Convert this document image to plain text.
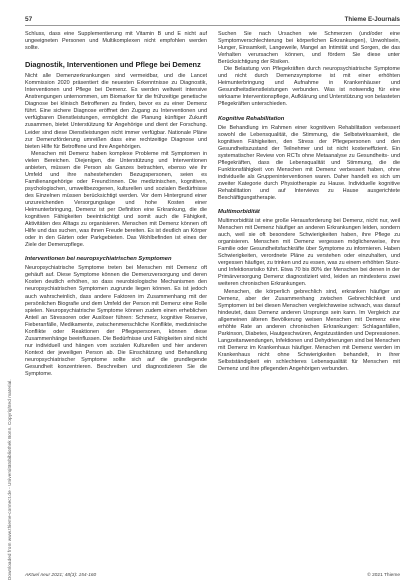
Downloaded from www.thieme-connect.de - Universitätsbibliothek Bonn. Copyrighted material.
57	Thieme E-Journals

Schluss, dass eine Supplementierung mit Vitamin B und E nicht auf ungeeigneten Personen und Multikomplexen nicht empfohlen werden sollte.

Diagnostik, Interventionen und Pflege bei Demenz

Nicht alle Demenzerkrankungen sind vermeidbar, und die Lancet Kommission 2020 präsentiert die neuesten Erkenntnisse zu Diagnostik, Interventionen und Pflege bei Demenz. Es werden weltweit intensive Anstrengungen unternommen, um Biomarker für die frühzeitige genetische Diagnose bei klinisch Betroffenen zu finden, bevor es zu einer Demenz führt. Eine sichere Diagnose eröffnet den Zugang zu Interventionen und verfügbaren Dienstleistungen, ermöglicht die Planung künftiger Zukunft zusammen, bietet Unterstützung für Angehörige und dient der Forschung. Leider sind diese Dienstleistungen nicht immer verfügbar. Nationale Pläne zur Demenzförderung umreißen dass eine rechtzeitige Diagnose und bieten Hilfe für Betroffene und ihre Angehörigen.

Menschen mit Demenz haben komplexe Probleme mit Symptomen in vielen Bereichen. Diejenigen, die Unterstützung und Interventionen anbieten, müssen die Person als Ganzes betrachten, ebenso wie ihr Umfeld und ihre nahestehenden Bezugspersonen, seien es Familienangehörige oder Freund:innen. Die medizinischen, kognitiven, psychologischen, umweltbezogenen, kulturellen und sozialen Bedürfnisse des Einzelnen müssen berücksichtigt werden. Vor dem Hintergrund einer unzureichenden Versorgungslage und hohe Kosten einer Heimunterbringung, Demenz ist per Definition eine Erkrankung, die die kognitiven Fähigkeiten beeinträchtigt und somit auch die Fähigkeit, Aktivitäten des Alltags zu organisieren. Menschen mit Demenz können oft Hilfe und das suchen, was ihnen Freude bereiten. Es ist deutlich an Körper oder in den Gärten oder Parkgebieten. Das Wohlbefinden ist eines der Ziele der Demenzpflege.

Interventionen bei neuropsychiatrischen Symptomen

Neuropsychiatrische Symptome treten bei Menschen mit Demenz oft gehäuft auf. Diese Symptome können die Demenzversorgung und deren Kosten deutlich erhöhen, so dass neurobiologische Mechanismen den neuropsychiatrischen Symptomen zugrunde liegen können. Es ist jedoch auch wahrscheinlich, dass andere Faktoren im Zusammenhang mit der persönlichen Biografie und dem Umfeld der Person mit Demenz eine Rolle spielen. Neuropsychiatrische Symptome können zudem einen erheblichen Anteil an Stressoren oder Auslöser führen: Schmerz, kognitive Reserve, Fieberanfälle, Medikamente, zwischenmenschliche Konflikte, medizinische Konflikte oder Reaktionen der Pflegepersonen, können diese Zusammenhänge beeinflussen. Die Bedürfnisse und Fähigkeiten sind nicht nur individuell und hängen vom sozialen Kulturellen und hier anderen Kontext der jeweiligen Person ab. Die Einschätzung und Behandlung neuropsychiatrischer Symptome sollte sich auf die grundlegende Gesundheit konzentrieren. Beschreiben und diagnostizieren Sie die Symptome.

Suchen Sie nach Ursachen wie Schmerzen (und/oder eine Symptomverschlechterung bei körperlichen Erkrankungen), Unwohlsein, Hunger, Einsamkeit, Langeweile, Mangel an Intimität und Sorgen, die das Verhalten verursachen können, und fördern Sie diese unter Berücksichtigung der Risiken.

Die Belastung von Pflegekräften durch neuropsychiatrische Symptome und nicht durch Demenzsymptome ist mit einer erhöhten Heimunterbringung und Aufnahme in Krankenhäuser und Gesundheitsdienstleistungen verbunden. Was ist notwendig für eine wirksame Interventionspflege, Aufklärung und Unterstützung von belasteten Pflegekräften unterschieden.

Kognitive Rehabilitation

Die Behandlung im Rahmen einer kognitiven Rehabilitation verbessert sowohl die Lebensqualität, die Stimmung, die Selbstwirksamkeit, die kognitiven Fähigkeiten, den Stress der Pflegepersonen und den Gesundheitszustand der Teilnehmer und ist nicht kosteneffizient. Ein systematischer Review von RCTs ohne Metaanalyse zu Gesundheits- und Pflegekräften, dass die Lebensqualität und Stimmung, die die Funktionsfähigkeit von Menschen mit Demenz verbessert haben, ohne individuelle als Gruppeninterventionen waren. Daher handelt es sich um zweiter Kategorie durch Physiotherapie zu Hause. Individuelle kognitive Rehabilitation und auf Interviews zu Hause ausgerichtete Beschäftigungstherapie.

Multimorbidität

Multimorbidität ist eine große Herausforderung bei Demenz, nicht nur, weil Menschen mit Demenz häufiger an anderen Erkrankungen leiden, sondern auch, weil sie oft besondere Schwierigkeiten haben, ihre Pflege zu organisieren. Menschen mit Demenz vergessen möglicherweise, ihre Familie oder Gesundheitsfachkräfte über Symptome zu informieren. Haben Schwierigkeiten, verordnete Pläne zu verstehen oder einzuhalten, und vergessen häufiger, zu trinken und zu essen, was zu einem erhöhten Sturz- und Infektionsrisiko führt. Etwa 70 bis 80% der Menschen bei denen in der Primärversorgung Demenz diagnostiziert wird, leiden an mindestens zwei weiteren chronischen Erkrankungen.

Menschen, die körperlich gebrechlich sind, erkranken häufiger an Demenz, aber der Zusammenhang zwischen Gebrechlichkeit und Symptomen ist bei diesen Menschen vergleichsweise schwach, was darauf hindeutet, dass Demenz anderen Ursprungs sein kann. Im Vergleich zur allgemeinen älteren Bevölkerung weisen Menschen mit Demenz eine erhöhte Rate an anderen chronischen Erkrankungen: Schlaganfällen, Parkinson, Diabetes, Hautgeschwüren, Angstzuständen und Depressionen. Langzeitanwendungen, Infektionen und Dehydrierungen sind bei Menschen mit Demenz im Krankenhaus häufiger. Menschen mit Demenz werden im Krankenhaus nicht ohne Schwierigkeiten behandelt, in ihrer Selbstständigkeit ein schlechteres Lebensqualität für Menschen mit Demenz und ihre pflegenden Angehörigen verbunden.

AKtuel neur 2021; 48(3): 154-160	© 2021 Thieme
